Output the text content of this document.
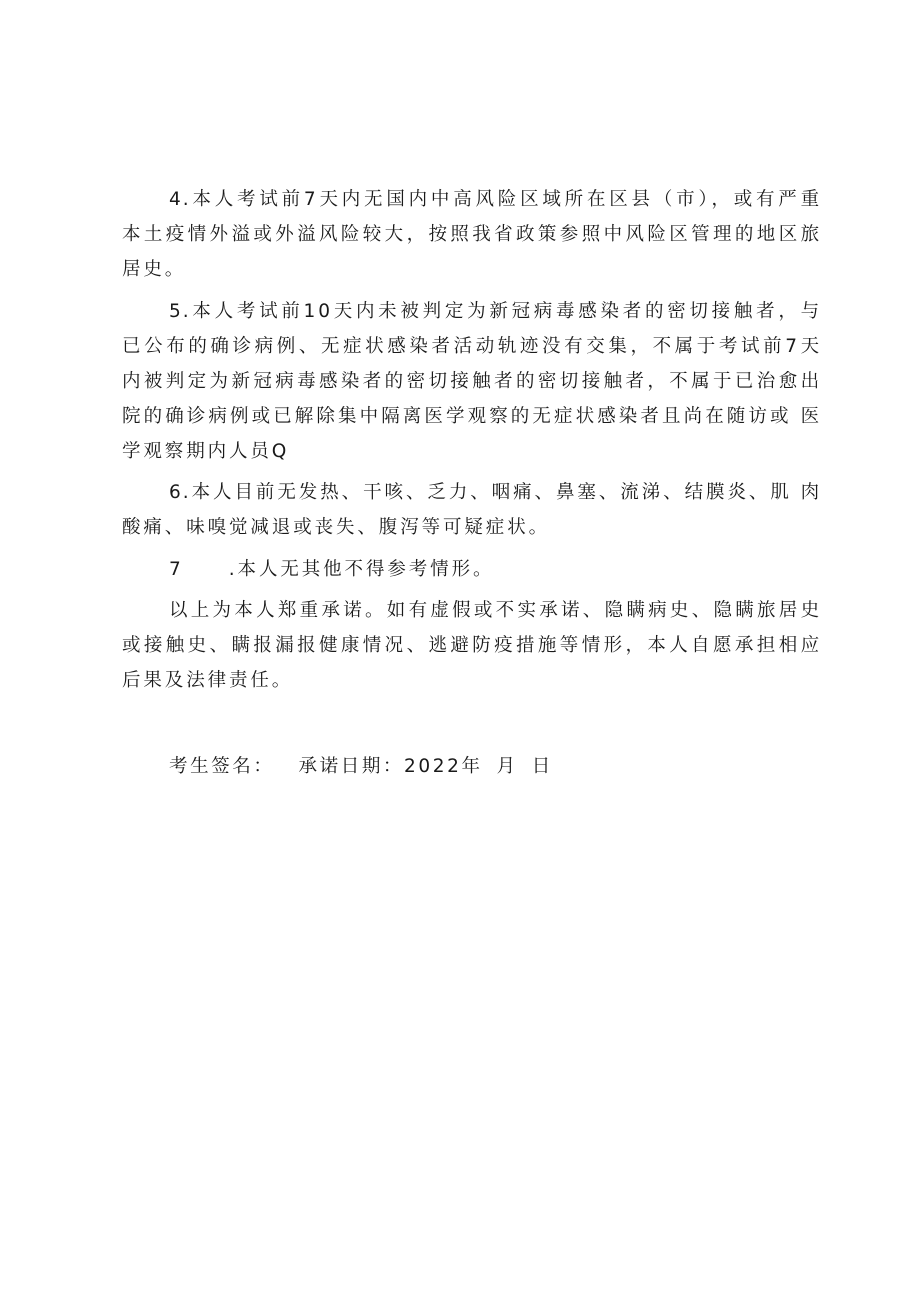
4 .本人考试前7天内无国内中高风险区域所在区县（市），或有严重 本土疫情外溢或外溢风险较大，按照我省政策参照中风险区管理的地区旅 居史。

5 .本人考试前10天内未被判定为新冠病毒感染者的密切接触者，与 已公布的确诊病例、无症状感染者活动轨迹没有交集，不属于考试前7天 内被判定为新冠病毒感染者的密切接触者的密切接触者，不属于已治愈出 院的确诊病例或已解除集中隔离医学观察的无症状感染者且尚在随访或 医学观察期内人员Q

6 .本人目前无发热、干咳、乏力、咽痛、鼻塞、流涕、结膜炎、肌 肉酸痛、味嗅觉减退或丧失、腹泻等可疑症状。

7	.本人无其他不得参考情形。

以上为本人郑重承诺。如有虚假或不实承诺、隐瞒病史、隐瞒旅居史 或接触史、瞒报漏报健康情况、逃避防疫措施等情形，本人自愿承担相应 后果及法律责任。

考生签名： 承诺日期：2022年 月 日
